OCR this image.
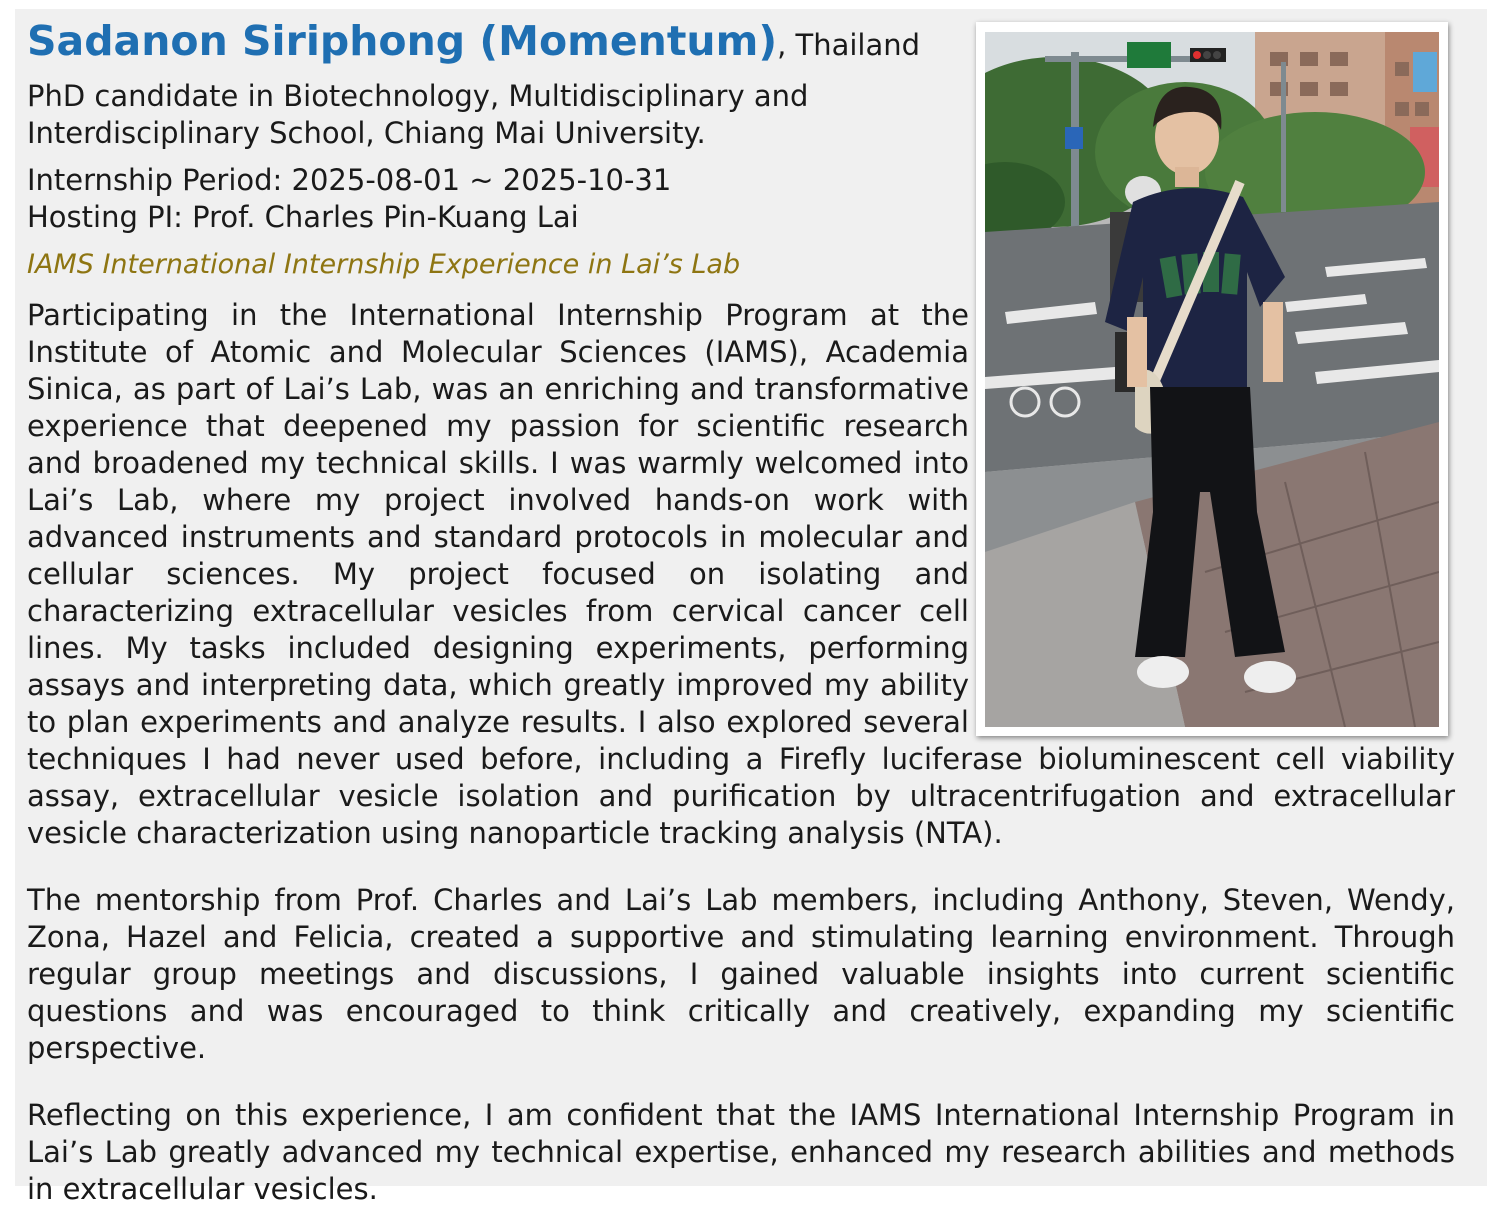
Sadanon Siriphong (Momentum), Thailand

PhD candidate in Biotechnology, Multidisciplinary and Interdisciplinary School, Chiang Mai University.

Internship Period: 2025-08-01 ~ 2025-10-31

Hosting PI: Prof. Charles Pin-Kuang Lai

IAMS International Internship Experience in Lai’s Lab

Participating in the International Internship Program at the Institute of Atomic and Molecular Sciences (IAMS), Academia Sinica, as part of Lai’s Lab, was an enriching and transformative experience that deepened my passion for scientific research and broadened my technical skills. I was warmly welcomed into Lai’s Lab, where my project involved hands-on work with advanced instruments and standard protocols in molecular and cellular sciences. My project focused on isolating and characterizing extracellular vesicles from cervical cancer cell lines. My tasks included designing experiments, performing assays and interpreting data, which greatly improved my ability to plan experiments and analyze results. I also explored several techniques I had never used before, including a Firefly luciferase bioluminescent cell viability assay, extracellular vesicle isolation and purification by ultracentrifugation and extracellular vesicle characterization using nanoparticle tracking analysis (NTA).

The mentorship from Prof. Charles and Lai’s Lab members, including Anthony, Steven, Wendy, Zona, Hazel and Felicia, created a supportive and stimulating learning environment. Through regular group meetings and discussions, I gained valuable insights into current scientific questions and was encouraged to think critically and creatively, expanding my scientific perspective.

Reflecting on this experience, I am confident that the IAMS International Internship Program in Lai’s Lab greatly advanced my technical expertise, enhanced my research abilities and methods in extracellular vesicles.
